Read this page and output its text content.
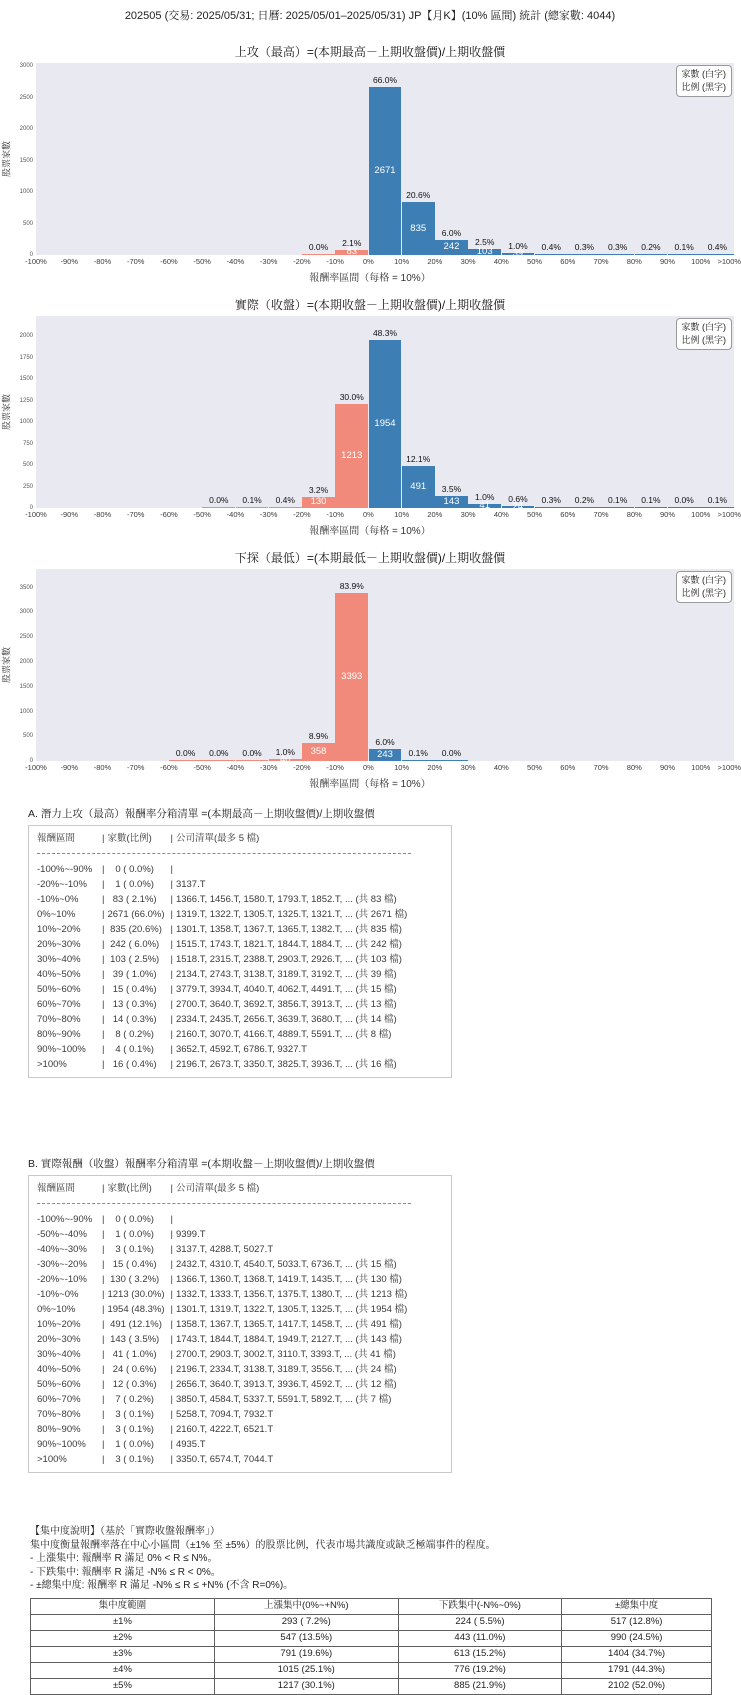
202505 (交易: 2025/05/31; 日曆: 2025/05/01–2025/05/31) JP【月K】(10% 區間) 統計 (總家數: 4044)
上攻（最高）=(本期最高－上期收盤價)/上期收盤價
股票家數
0
500
1000
1500
2000
2500
3000
83
2671
835
242 103 39
0.0% 2.1%
66.0%
20.6%
6.0%
2.5% 1.0% 0.4% 0.3% 0.3% 0.2% 0.1% 0.4%
家數 (白字)
比例 (黑字)
-100% -90% -80% -70% -60% -50% -40% -30% -20% -10%	0%	10% 20% 30% 40% 50% 60% 70% 80% 90% 100% >100%
報酬率區間（每格 = 10%）
實際（收盤）=(本期收盤－上期收盤價)/上期收盤價
股票家數
0
250
500
750
1000
1250
1500
1750
2000
130
1213
1954
491
143 41 24
0.0% 0.1% 0.4%
3.2%
30.0%
48.3%
12.1%
3.5%
1.0% 0.6% 0.3% 0.2% 0.1% 0.1% 0.0% 0.1%
家數 (白字)
比例 (黑字)
-100% -90% -80% -70% -60% -50% -40% -30% -20% -10%	0%	10% 20% 30% 40% 50% 60% 70% 80% 90% 100% >100%
報酬率區間（每格 = 10%）
下探（最低）=(本期最低－上期收盤價)/上期收盤價
股票家數
0
500
1000
1500
2000
2500
3000
3500
40
358
3393
243
0.0% 0.0% 0.0% 1.0%
8.9%
83.9%
6.0%
0.1% 0.0%
家數 (白字)
比例 (黑字)
-100% -90% -80% -70% -60% -50% -40% -30% -20% -10%	0%	10% 20% 30% 40% 50% 60% 70% 80% 90% 100% >100%
報酬率區間（每格 = 10%）
A. 潛力上攻（最高）報酬率分箱清單 =(本期最高－上期收盤價)/上期收盤價
報酬區間	| 家數(比例)	| 公司清單(最多 5 檔)
-100%~-90%	| 0 ( 0.0%)	|
-20%~-10%	| 1 ( 0.0%)	| 3137.T
-10%~0%	| 83 ( 2.1%)	| 1366.T, 1456.T, 1580.T, 1793.T, 1852.T, ... (共 83 檔)
0%~10%	| 2671 (66.0%) | 1319.T, 1322.T, 1305.T, 1325.T, 1321.T, ... (共 2671 檔)
10%~20%	| 835 (20.6%) | 1301.T, 1358.T, 1367.T, 1365.T, 1382.T, ... (共 835 檔)
20%~30%	| 242 ( 6.0%)	| 1515.T, 1743.T, 1821.T, 1844.T, 1884.T, ... (共 242 檔)
30%~40%	| 103 ( 2.5%)	| 1518.T, 2315.T, 2388.T, 2903.T, 2926.T, ... (共 103 檔)
40%~50%	| 39 ( 1.0%)	| 2134.T, 2743.T, 3138.T, 3189.T, 3192.T, ... (共 39 檔)
50%~60%	| 15 ( 0.4%)	| 3779.T, 3934.T, 4040.T, 4062.T, 4491.T, ... (共 15 檔)
60%~70%	| 13 ( 0.3%)	| 2700.T, 3640.T, 3692.T, 3856.T, 3913.T, ... (共 13 檔)
70%~80%	| 14 ( 0.3%)	| 2334.T, 2435.T, 2656.T, 3639.T, 3680.T, ... (共 14 檔)
80%~90%	| 8 ( 0.2%)	| 2160.T, 3070.T, 4166.T, 4889.T, 5591.T, ... (共 8 檔)
90%~100%	| 4 ( 0.1%)	| 3652.T, 4592.T, 6786.T, 9327.T
>100%	| 16 ( 0.4%)	| 2196.T, 2673.T, 3350.T, 3825.T, 3936.T, ... (共 16 檔)
B. 實際報酬（收盤）報酬率分箱清單 =(本期收盤－上期收盤價)/上期收盤價
報酬區間	| 家數(比例)	| 公司清單(最多 5 檔)
-100%~-90%	| 0 ( 0.0%)	|
-50%~-40%	| 1 ( 0.0%)	| 9399.T
-40%~-30%	| 3 ( 0.1%)	| 3137.T, 4288.T, 5027.T
-30%~-20%	| 15 ( 0.4%)	| 2432.T, 4310.T, 4540.T, 5033.T, 6736.T, ... (共 15 檔)
-20%~-10%	| 130 ( 3.2%)	| 1366.T, 1360.T, 1368.T, 1419.T, 1435.T, ... (共 130 檔)
-10%~0%	| 1213 (30.0%) | 1332.T, 1333.T, 1356.T, 1375.T, 1380.T, ... (共 1213 檔)
0%~10%	| 1954 (48.3%) | 1301.T, 1319.T, 1322.T, 1305.T, 1325.T, ... (共 1954 檔)
10%~20%	| 491 (12.1%) | 1358.T, 1367.T, 1365.T, 1417.T, 1458.T, ... (共 491 檔)
20%~30%	| 143 ( 3.5%)	| 1743.T, 1844.T, 1884.T, 1949.T, 2127.T, ... (共 143 檔)
30%~40%	| 41 ( 1.0%)	| 2700.T, 2903.T, 3002.T, 3110.T, 3393.T, ... (共 41 檔)
40%~50%	| 24 ( 0.6%)	| 2196.T, 2334.T, 3138.T, 3189.T, 3556.T, ... (共 24 檔)
50%~60%	| 12 ( 0.3%)	| 2656.T, 3640.T, 3913.T, 3936.T, 4592.T, ... (共 12 檔)
60%~70%	| 7 ( 0.2%)	| 3850.T, 4584.T, 5337.T, 5591.T, 5892.T, ... (共 7 檔)
70%~80%	| 3 ( 0.1%)	| 5258.T, 7094.T, 7932.T
80%~90%	| 3 ( 0.1%)	| 2160.T, 4222.T, 6521.T
90%~100%	| 1 ( 0.0%)	| 4935.T
>100%	| 3 ( 0.1%)	| 3350.T, 6574.T, 7044.T
【集中度說明】（基於「實際收盤報酬率」）
集中度衡量報酬率落在中心小區間（±1% 至 ±5%）的股票比例，代表市場共識度或缺乏極端事件的程度。
- 上漲集中: 報酬率 R 滿足 0% < R ≤ N%。
- 下跌集中: 報酬率 R 滿足 -N% ≤ R < 0%。
- ±總集中度: 報酬率 R 滿足 -N% ≤ R ≤ +N% (不含 R=0%)。
集中度範圍	上漲集中(0%~+N%)	下跌集中(-N%~0%)	±總集中度
±1%	293 ( 7.2%)	224 ( 5.5%)	517 (12.8%)
±2%	547 (13.5%)	443 (11.0%)	990 (24.5%)
±3%	791 (19.6%)	613 (15.2%)	1404 (34.7%)
±4%	1015 (25.1%)	776 (19.2%)	1791 (44.3%)
±5%	1217 (30.1%)	885 (21.9%)	2102 (52.0%)
